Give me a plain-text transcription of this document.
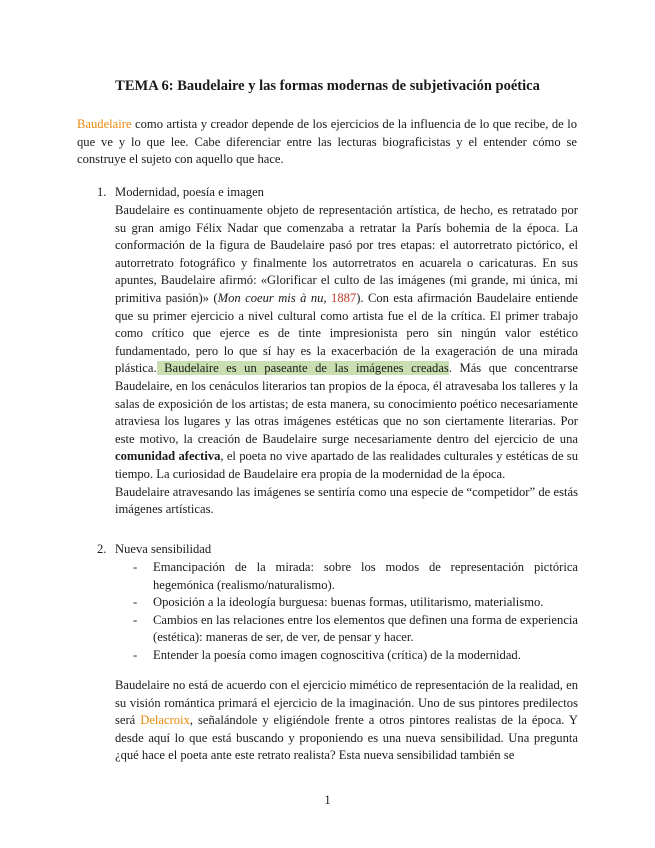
TEMA 6: Baudelaire y las formas modernas de subjetivación poética

Baudelaire como artista y creador depende de los ejercicios de la influencia de lo que recibe, de lo que ve y lo que lee. Cabe diferenciar entre las lecturas biograficistas y el entender cómo se construye el sujeto con aquello que hace.

1. Modernidad, poesía e imagen

Baudelaire es continuamente objeto de representación artística, de hecho, es retratado por su gran amigo Félix Nadar que comenzaba a retratar la París bohemia de la época. La conformación de la figura de Baudelaire pasó por tres etapas: el autorretrato pictórico, el autorretrato fotográfico y finalmente los autorretratos en acuarela o caricaturas. En sus apuntes, Baudelaire afirmó: «Glorificar el culto de las imágenes (mi grande, mi única, mi primitiva pasión)» (Mon coeur mis à nu, 1887). Con esta afirmación Baudelaire entiende que su primer ejercicio a nivel cultural como artista fue el de la crítica. El primer trabajo como crítico que ejerce es de tinte impresionista pero sin ningún valor estético fundamentado, pero lo que sí hay es la exacerbación de la exageración de una mirada plástica. Baudelaire es un paseante de las imágenes creadas. Más que concentrarse Baudelaire, en los cenáculos literarios tan propios de la época, él atravesaba los talleres y la salas de exposición de los artistas; de esta manera, su conocimiento poético necesariamente atraviesa los lugares y las otras imágenes estéticas que no son ciertamente literarias. Por este motivo, la creación de Baudelaire surge necesariamente dentro del ejercicio de una comunidad afectiva, el poeta no vive apartado de las realidades culturales y estéticas de su tiempo. La curiosidad de Baudelaire era propia de la modernidad de la época.

Baudelaire atravesando las imágenes se sentiría como una especie de “competidor” de estás imágenes artísticas.

2. Nueva sensibilidad
- Emancipación de la mirada: sobre los modos de representación pictórica hegemónica (realismo/naturalismo).
- Oposición a la ideología burguesa: buenas formas, utilitarismo, materialismo.
- Cambios en las relaciones entre los elementos que definen una forma de experiencia (estética): maneras de ser, de ver, de pensar y hacer.
- Entender la poesía como imagen cognoscitiva (crítica) de la modernidad.

Baudelaire no está de acuerdo con el ejercicio mimético de representación de la realidad, en su visión romántica primará el ejercicio de la imaginación. Uno de sus pintores predilectos será Delacroix, señalándole y eligiéndole frente a otros pintores realistas de la época. Y desde aquí lo que está buscando y proponiendo es una nueva sensibilidad. Una pregunta ¿qué hace el poeta ante este retrato realista? Esta nueva sensibilidad también se

1
